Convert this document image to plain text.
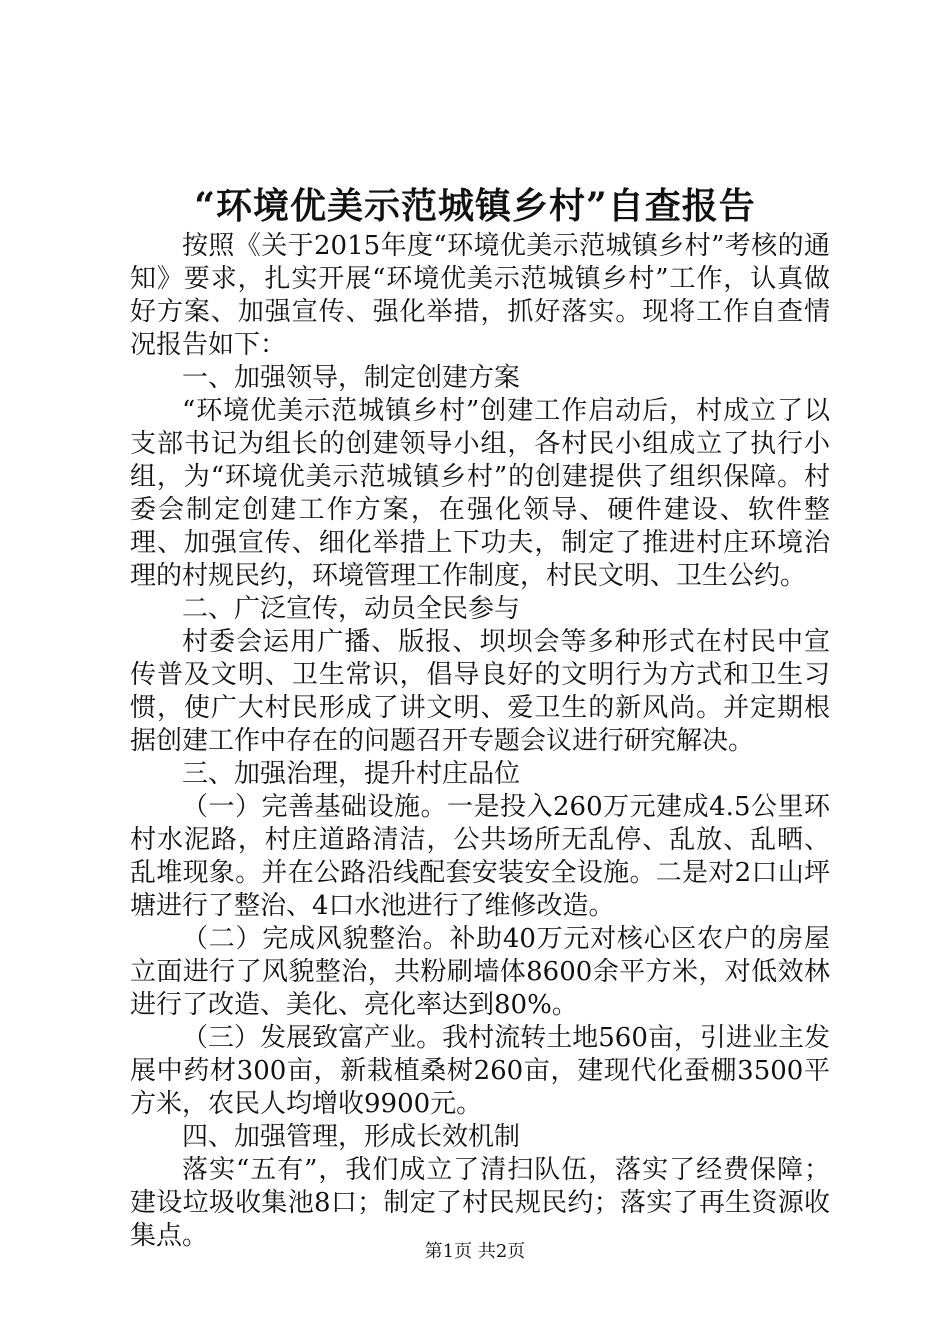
“环境优美示范城镇乡村”自查报告

按照《关于2015年度“环境优美示范城镇乡村”考核的通知》要求，扎实开展“环境优美示范城镇乡村”工作，认真做好方案、加强宣传、强化举措，抓好落实。现将工作自查情况报告如下：

一、加强领导，制定创建方案

“环境优美示范城镇乡村”创建工作启动后，村成立了以支部书记为组长的创建领导小组，各村民小组成立了执行小组，为“环境优美示范城镇乡村”的创建提供了组织保障。村委会制定创建工作方案，在强化领导、硬件建设、软件整理、加强宣传、细化举措上下功夫，制定了推进村庄环境治理的村规民约，环境管理工作制度，村民文明、卫生公约。

二、广泛宣传，动员全民参与

村委会运用广播、版报、坝坝会等多种形式在村民中宣传普及文明、卫生常识，倡导良好的文明行为方式和卫生习惯，使广大村民形成了讲文明、爱卫生的新风尚。并定期根据创建工作中存在的问题召开专题会议进行研究解决。

三、加强治理，提升村庄品位

（一）完善基础设施。一是投入260万元建成4.5公里环村水泥路，村庄道路清洁，公共场所无乱停、乱放、乱晒、乱堆现象。并在公路沿线配套安装安全设施。二是对2口山坪塘进行了整治、4口水池进行了维修改造。

（二）完成风貌整治。补助40万元对核心区农户的房屋立面进行了风貌整治，共粉刷墙体8600余平方米，对低效林进行了改造、美化、亮化率达到80%。

（三）发展致富产业。我村流转土地560亩，引进业主发展中药材300亩，新栽植桑树260亩，建现代化蚕棚3500平方米，农民人均增收9900元。

四、加强管理，形成长效机制

落实“五有”，我们成立了清扫队伍，落实了经费保障；建设垃圾收集池8口；制定了村民规民约；落实了再生资源收集点。

第1页 共2页
